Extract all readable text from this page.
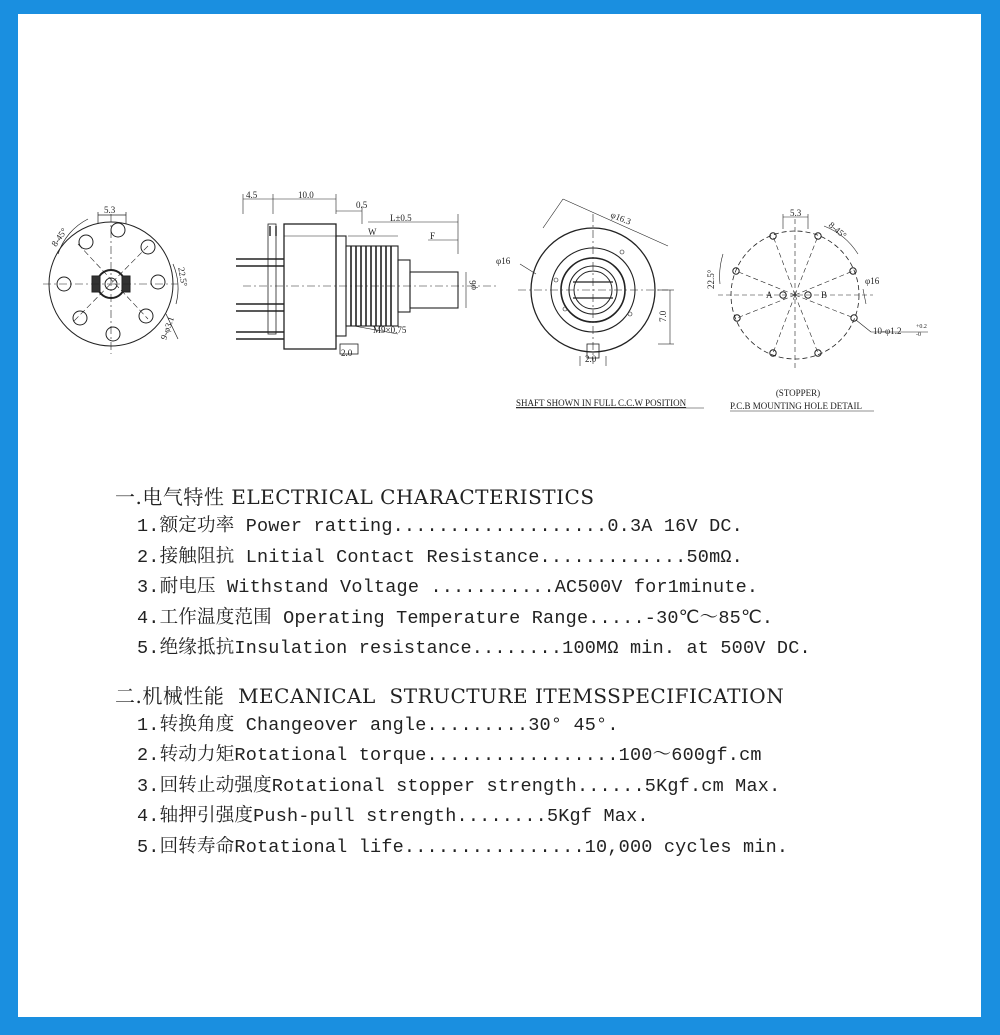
5.3
8-45°
22.5°
9-φ3.1
4.5	10.0
0.5
L±0.5
W	F
φ6
M9×0.75
2.0
φ16.3
φ16
7.0
2.0
5.3
8-45°
22.5°
A	B
φ16
10-φ1.2 +0.2
-0
SHAFT SHOWN IN FULL C.C.W POSITION
(STOPPER)
P.C.B MOUNTING HOLE DETAIL
一.电气特性 ELECTRICAL CHARACTERISTICS
1.额定功率 Power ratting...................0.3A 16V DC.
2.接触阻抗 Lnitial Contact Resistance.............50mΩ.
3.耐电压 Withstand Voltage ...........AC500V for1minute.
4.工作温度范围 Operating Temperature Range.....-30℃～85℃.
5.绝缘抵抗Insulation resistance........100MΩ min. at 500V DC.
二.机械性能  MECANICAL  STRUCTURE ITEMSSPECIFICATION
1.转换角度 Changeover angle.........30° 45°.
2.转动力矩Rotational torque.................100～600gf.cm
3.回转止动强度Rotational stopper strength......5Kgf.cm Max.
4.轴押引强度Push-pull strength........5Kgf Max.
5.回转寿命Rotational life................10,000 cycles min.
